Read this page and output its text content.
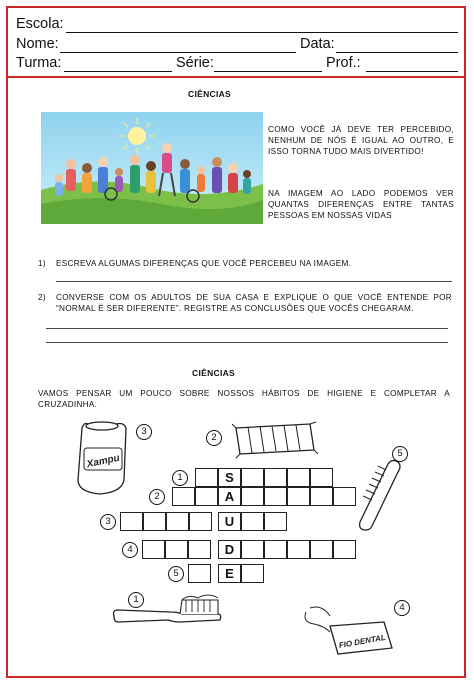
Escola:
Nome:	Data:
Turma:	Série:	Prof.:
CIÊNCIAS
COMO VOCÊ JÁ DEVE TER PERCEBIDO, NENHUM DE NÓS É IGUAL AO OUTRO, E ISSO TORNA TUDO MAIS DIVERTIDO!
NA IMAGEM AO LADO PODEMOS VER QUANTAS DIFERENÇAS ENTRE TANTAS PESSOAS EM NOSSAS VIDAS
1) ESCREVA ALGUMAS DIFERENÇAS QUE VOCÊ PERCEBEU NA IMAGEM.
2) CONVERSE COM OS ADULTOS DE SUA CASA E EXPLIQUE O QUE VOCÊ ENTENDE POR “NORMAL É SER DIFERENTE”. REGISTRE AS CONCLUSÕES QUE VOCÊS CHEGARAM.
CIÊNCIAS
VAMOS PENSAR UM POUCO SOBRE NOSSOS HÁBITOS DE HIGIENE E COMPLETAR A CRUZADINHA.
Xampu
3
2
5
1
FIO DENTAL
4
1	S
2	A
3	U
4	D
5	E
